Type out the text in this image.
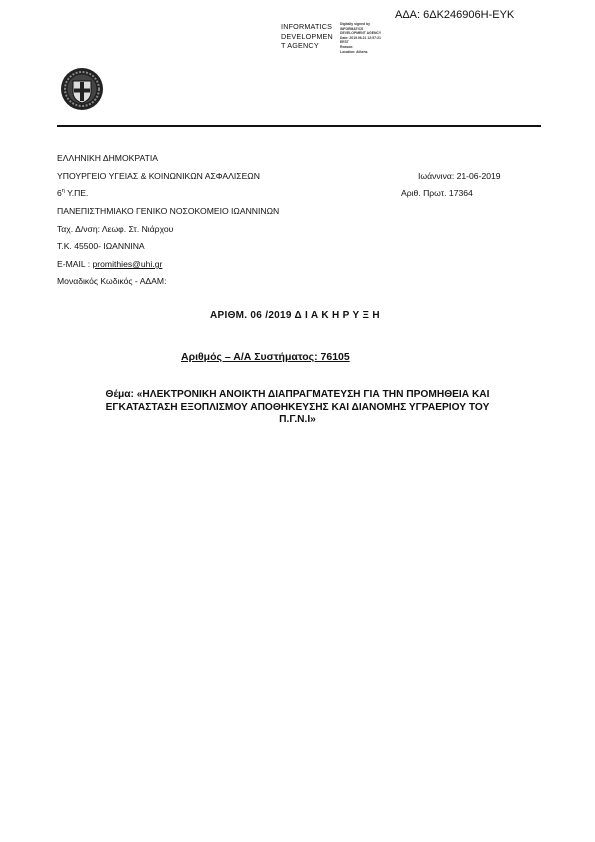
ΑΔΑ: 6ΔΚ246906Η-ΕΥΚ
INFORMATICS
DEVELOPMEN
T AGENCY
Digitally signed by
INFORMATICS
DEVELOPMENT AGENCY
Date: 2019.06.21 12:57:21
EEST
Reason:
Location: Athens
ΕΛΛΗΝΙΚΗ ΔΗΜΟΚΡΑΤΙΑ
ΥΠΟΥΡΓΕΙΟ ΥΓΕΙΑΣ & ΚΟΙΝΩΝΙΚΩΝ ΑΣΦΑΛΙΣΕΩΝ
$6^\eta$ Υ.ΠΕ.
ΠΑΝΕΠΙΣΤΗΜΙΑΚΟ ΓΕΝΙΚΟ ΝΟΣΟΚΟΜΕΙΟ ΙΩΑΝΝΙΝΩΝ
Ταχ. Δ/νση: Λεωφ. Στ. Νιάρχου
Τ.Κ. 45500- ΙΩΑΝΝΙΝΑ
E-MAIL : promithies@uhi.gr
Μοναδικός Κωδικός - ΑΔΑΜ:
Ιωάννινα: 21-06-2019
Αριθ. Πρωτ. 17364
ΑΡΙΘΜ. 06 /2019 Δ Ι Α Κ Η Ρ Υ Ξ Η
Αριθμός – Α/Α Συστήματος: 76105
Θέμα: «ΗΛΕΚΤΡΟΝΙΚΗ ΑΝΟΙΚΤΗ ΔΙΑΠΡΑΓΜΑΤΕΥΣΗ ΓΙΑ ΤΗΝ ΠΡΟΜΗΘΕΙΑ ΚΑΙ
ΕΓΚΑΤΑΣΤΑΣΗ ΕΞΟΠΛΙΣΜΟΥ ΑΠΟΘΗΚΕΥΣΗΣ ΚΑΙ ΔΙΑΝΟΜΗΣ ΥΓΡΑΕΡΙΟΥ ΤΟΥ
Π.Γ.Ν.Ι»
